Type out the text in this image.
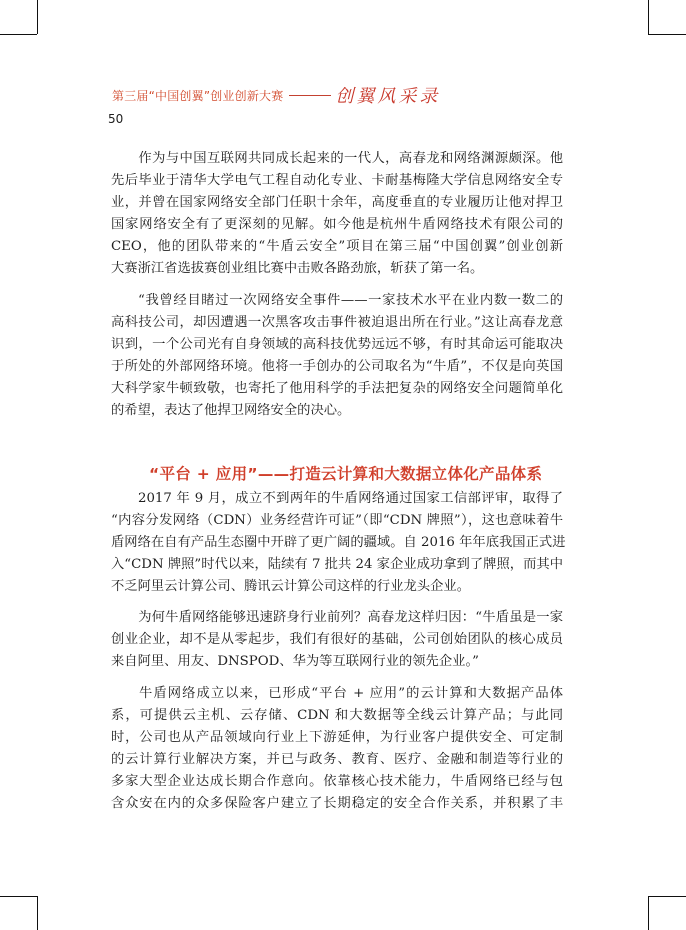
第三届“中国创翼”创业创新大赛	创翼风采录
50

作为与中国互联网共同成长起来的一代人，高春龙和网络渊源颇深。他
先后毕业于清华大学电气工程自动化专业、卡耐基梅隆大学信息网络安全专
业，并曾在国家网络安全部门任职十余年，高度垂直的专业履历让他对捍卫
国家网络安全有了更深刻的见解。如今他是杭州牛盾网络技术有限公司的
CEO，他的团队带来的“牛盾云安全”项目在第三届“中国创翼”创业创新
大赛浙江省选拔赛创业组比赛中击败各路劲旅，斩获了第一名。

“我曾经目睹过一次网络安全事件——一家技术水平在业内数一数二的
高科技公司，却因遭遇一次黑客攻击事件被迫退出所在行业。”这让高春龙意
识到，一个公司光有自身领域的高科技优势远远不够，有时其命运可能取决
于所处的外部网络环境。他将一手创办的公司取名为“牛盾”，不仅是向英国
大科学家牛顿致敬，也寄托了他用科学的手法把复杂的网络安全问题简单化
的希望，表达了他捍卫网络安全的决心。

“平台 + 应用”——打造云计算和大数据立体化产品体系

2017 年 9 月，成立不到两年的牛盾网络通过国家工信部评审，取得了
“内容分发网络（CDN）业务经营许可证”（即“CDN 牌照”），这也意味着牛
盾网络在自有产品生态圈中开辟了更广阔的疆域。自 2016 年年底我国正式进
入“CDN 牌照”时代以来，陆续有 7 批共 24 家企业成功拿到了牌照，而其中
不乏阿里云计算公司、腾讯云计算公司这样的行业龙头企业。

为何牛盾网络能够迅速跻身行业前列？高春龙这样归因：“牛盾虽是一家
创业企业，却不是从零起步，我们有很好的基础，公司创始团队的核心成员
来自阿里、用友、DNSPOD、华为等互联网行业的领先企业。”

牛盾网络成立以来，已形成“平台 + 应用”的云计算和大数据产品体
系，可提供云主机、云存储、CDN 和大数据等全线云计算产品；与此同
时，公司也从产品领域向行业上下游延伸，为行业客户提供安全、可定制
的云计算行业解决方案，并已与政务、教育、医疗、金融和制造等行业的
多家大型企业达成长期合作意向。依靠核心技术能力，牛盾网络已经与包
含众安在内的众多保险客户建立了长期稳定的安全合作关系，并积累了丰
